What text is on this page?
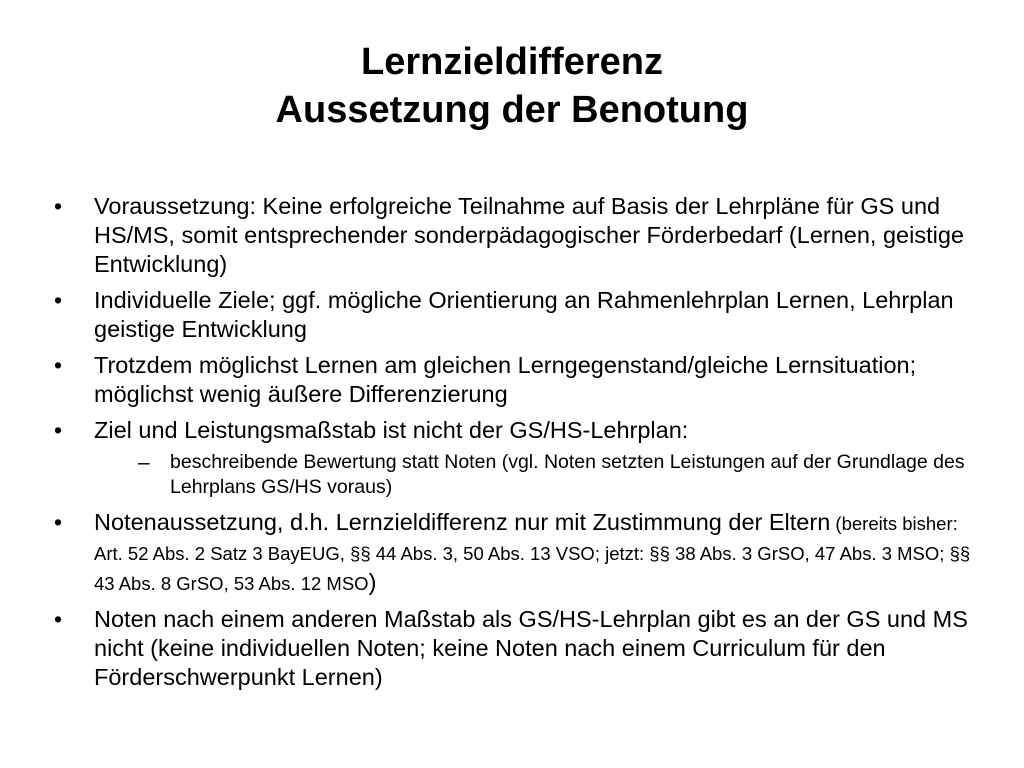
Lernzieldifferenz
Aussetzung der Benotung
• Voraussetzung: Keine erfolgreiche Teilnahme auf Basis der Lehrpläne für GS und HS/MS, somit entsprechender sonderpädagogischer Förderbedarf (Lernen, geistige Entwicklung)
• Individuelle Ziele; ggf. mögliche Orientierung an Rahmenlehrplan Lernen, Lehrplan geistige Entwicklung
• Trotzdem möglichst Lernen am gleichen Lerngegenstand/gleiche Lernsituation; möglichst wenig äußere Differenzierung
• Ziel und Leistungsmaßstab ist nicht der GS/HS-Lehrplan:
– beschreibende Bewertung statt Noten (vgl. Noten setzten Leistungen auf der Grundlage des Lehrplans GS/HS voraus)
• Notenaussetzung, d.h. Lernzieldifferenz nur mit Zustimmung der Eltern (bereits bisher: Art. 52 Abs. 2 Satz 3 BayEUG, §§ 44 Abs. 3, 50 Abs. 13 VSO; jetzt: §§ 38 Abs. 3 GrSO, 47 Abs. 3 MSO; §§ 43 Abs. 8 GrSO, 53 Abs. 12 MSO)
• Noten nach einem anderen Maßstab als GS/HS-Lehrplan gibt es an der GS und MS nicht (keine individuellen Noten; keine Noten nach einem Curriculum für den Förderschwerpunkt Lernen)
